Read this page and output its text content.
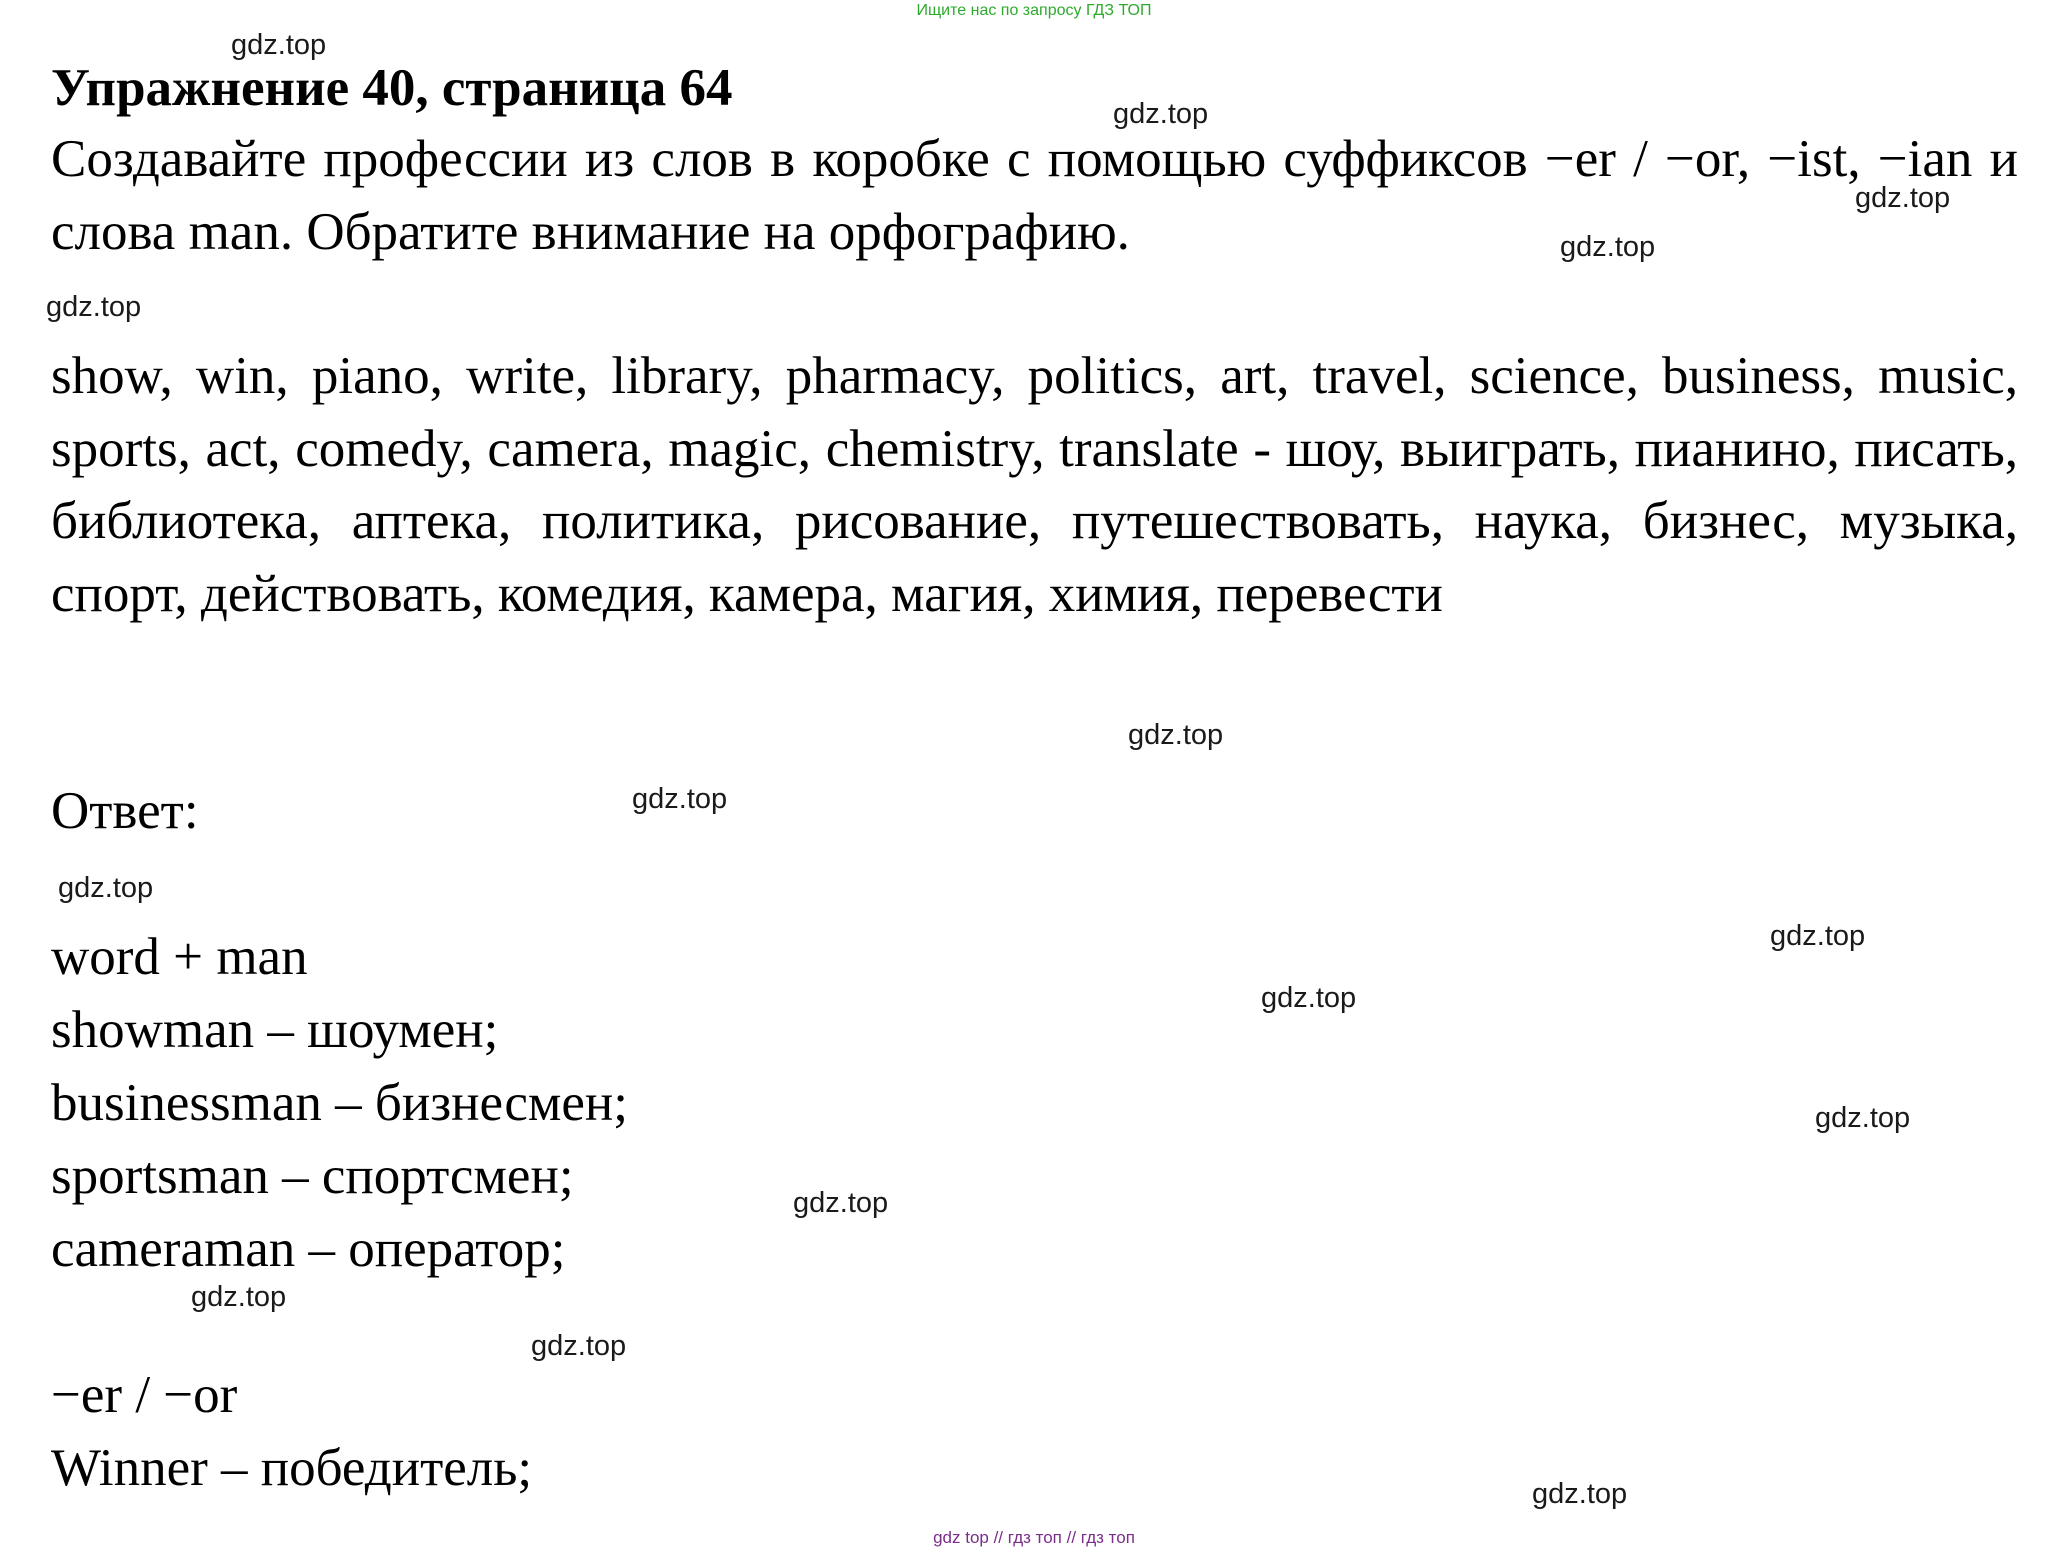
Ищите нас по запросу ГДЗ ТОП
Упражнение 40, страница 64

Создавайте профессии из слов в коробке с помощью суффиксов −er / −or, −ist, −ian и слова man. Обратите внимание на орфографию.

show, win, piano, write, library, pharmacy, politics, art, travel, science, business, music, sports, act, comedy, camera, magic, chemistry, translate - шоу, выиграть, пианино, писать, библиотека, аптека, политика, рисование, путешествовать, наука, бизнес, музыка, спорт, действовать, комедия, камера, магия, химия, перевести

Ответ:

word + man

showman – шоумен;

businessman – бизнесмен;

sportsman – спортсмен;

cameraman – оператор;

−er / −or

Winner – победитель;

gdz.top
gdz.top
gdz.top
gdz.top
gdz.top
gdz.top
gdz.top
gdz.top
gdz.top
gdz.top
gdz.top
gdz.top
gdz.top
gdz.top
gdz.top
gdz top // гдз топ // гдз топ
